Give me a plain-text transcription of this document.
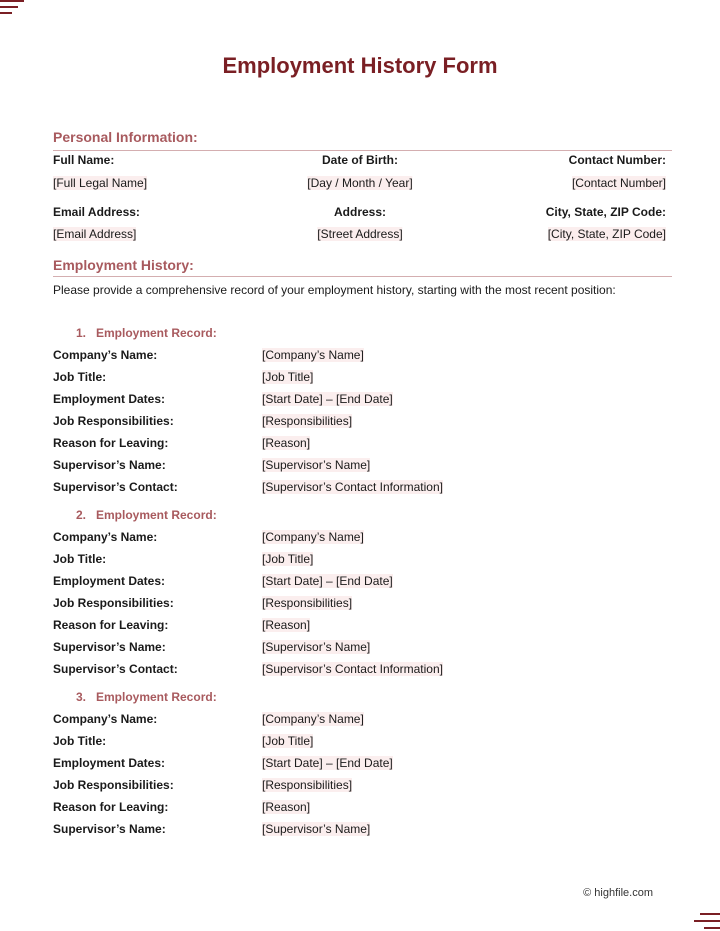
Employment History Form
Personal Information:
Full Name:	Date of Birth:	Contact Number:
[Full Legal Name]	[Day / Month / Year]	[Contact Number]
Email Address:	Address:	City, State, ZIP Code:
[Email Address]	[Street Address]	[City, State, ZIP Code]
Employment History:
Please provide a comprehensive record of your employment history, starting with the most recent position:
1. Employment Record:
Company’s Name:	[Company’s Name]
Job Title:	[Job Title]
Employment Dates:	[Start Date] – [End Date]
Job Responsibilities:	[Responsibilities]
Reason for Leaving:	[Reason]
Supervisor’s Name:	[Supervisor’s Name]
Supervisor’s Contact:	[Supervisor’s Contact Information]
2. Employment Record:
Company’s Name:	[Company’s Name]
Job Title:	[Job Title]
Employment Dates:	[Start Date] – [End Date]
Job Responsibilities:	[Responsibilities]
Reason for Leaving:	[Reason]
Supervisor’s Name:	[Supervisor’s Name]
Supervisor’s Contact:	[Supervisor’s Contact Information]
3. Employment Record:
Company’s Name:	[Company’s Name]
Job Title:	[Job Title]
Employment Dates:	[Start Date] – [End Date]
Job Responsibilities:	[Responsibilities]
Reason for Leaving:	[Reason]
Supervisor’s Name:	[Supervisor’s Name]
© highfile.com
